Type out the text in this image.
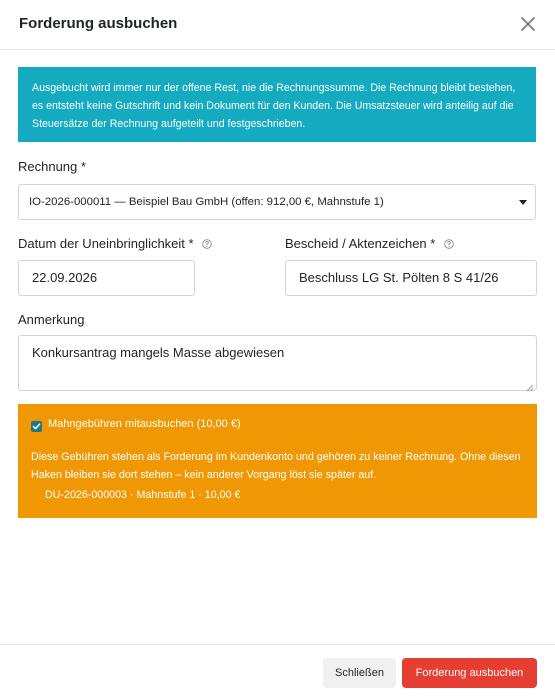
Forderung ausbuchen
Ausgebucht wird immer nur der offene Rest, nie die Rechnungssumme. Die Rechnung bleibt bestehen, es entsteht keine Gutschrift und kein Dokument für den Kunden. Die Umsatzsteuer wird anteilig auf die Steuersätze der Rechnung aufgeteilt und festgeschrieben.
Rechnung *
IO-2026-000011 — Beispiel Bau GmbH (offen: 912,00 €, Mahnstufe 1)
Datum der Uneinbringlichkeit *
22.09.2026
Bescheid / Aktenzeichen *
Beschluss LG St. Pölten 8 S 41/26
Anmerkung
Konkursantrag mangels Masse abgewiesen
Mahngebühren mitausbuchen (10,00 €)
Diese Gebühren stehen als Forderung im Kundenkonto und gehören zu keiner Rechnung. Ohne diesen Haken bleiben sie dort stehen – kein anderer Vorgang löst sie später auf.
DU-2026-000003 · Mahnstufe 1 · 10,00 €
Schließen	Forderung ausbuchen
